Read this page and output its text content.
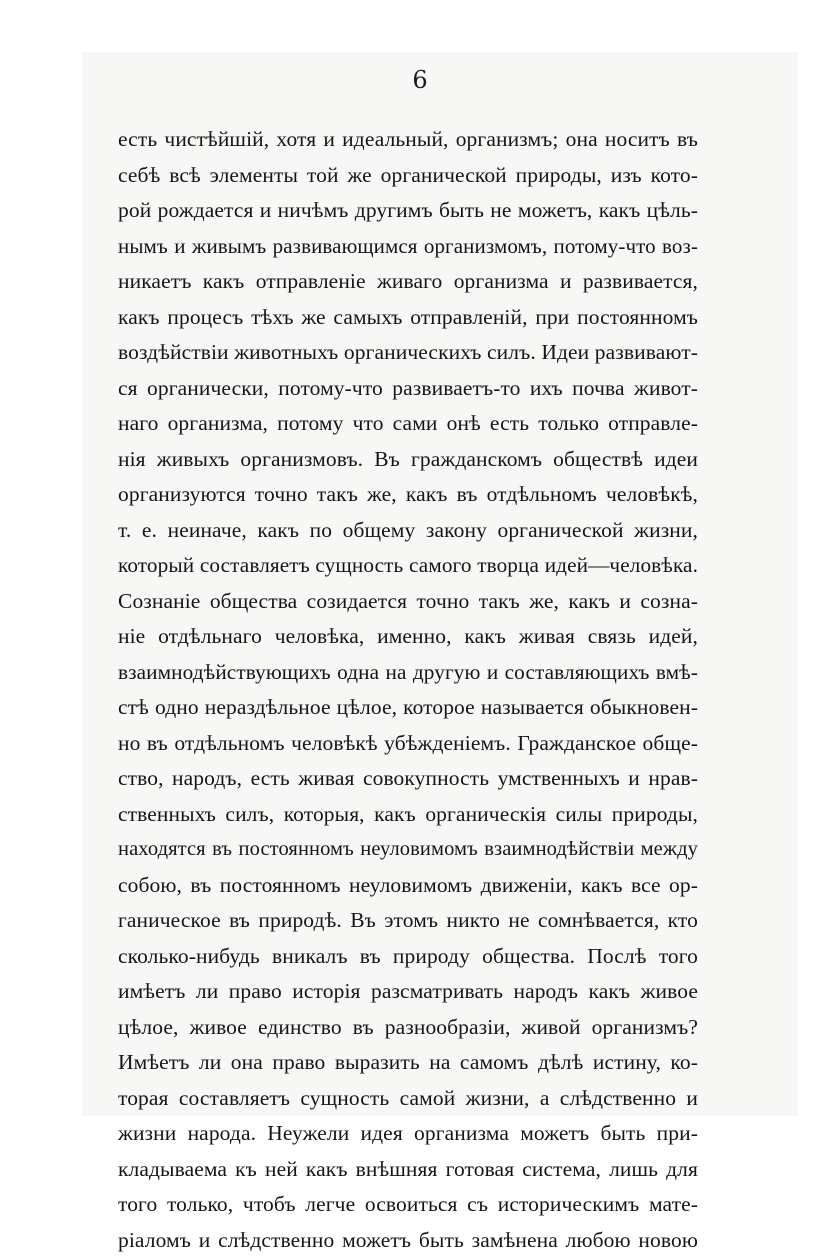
6
есть чистѣйшій, хотя и идеальный, организмъ; она носитъ въ
себѣ всѣ элементы той же органической природы, изъ кото-
рой рождается и ничѣмъ другимъ быть не можетъ, какъ цѣль-
нымъ и живымъ развивающимся организмомъ, потому-что воз-
никаетъ какъ отправленіе живаго организма и развивается,
какъ процесъ тѣхъ же самыхъ отправленій, при постоянномъ
воздѣйствіи животныхъ органическихъ силъ. Идеи развивают-
ся органически, потому-что развиваетъ-то ихъ почва живот-
наго организма, потому что сами онѣ есть только отправле-
нія живыхъ организмовъ. Въ гражданскомъ обществѣ идеи
организуются точно такъ же, какъ въ отдѣльномъ человѣкѣ,
т. е. неиначе, какъ по общему закону органической жизни,
который составляетъ сущность самого творца идей—человѣка.
Сознаніе общества созидается точно такъ же, какъ и созна-
ніе отдѣльнаго человѣка, именно, какъ живая связь идей,
взаимнодѣйствующихъ одна на другую и составляющихъ вмѣ-
стѣ одно нераздѣльное цѣлое, которое называется обыкновен-
но въ отдѣльномъ человѣкѣ убѣжденіемъ. Гражданское обще-
ство, народъ, есть живая совокупность умственныхъ и нрав-
ственныхъ силъ, которыя, какъ органическія силы природы,
находятся въ постоянномъ неуловимомъ взаимнодѣйствіи между
собою, въ постоянномъ неуловимомъ движеніи, какъ все ор-
ганическое въ природѣ. Въ этомъ никто не сомнѣвается, кто
сколько-нибудь вникалъ въ природу общества. Послѣ того
имѣетъ ли право исторія разсматривать народъ какъ живое
цѣлое, живое единство въ разнообразіи, живой организмъ?
Имѣетъ ли она право выразить на самомъ дѣлѣ истину, ко-
торая составляетъ сущность самой жизни, а слѣдственно и
жизни народа. Неужели идея организма можетъ быть при-
кладываема къ ней какъ внѣшняя готовая система, лишь для
того только, чтобъ легче освоиться съ историческимъ мате-
ріаломъ и слѣдственно можетъ быть замѣнена любою новою
